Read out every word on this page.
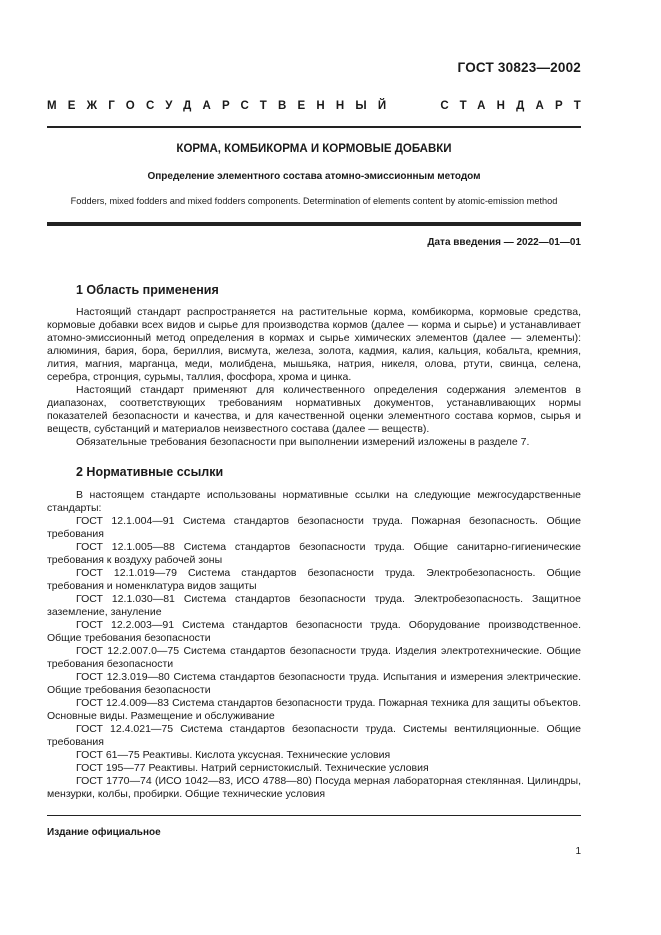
ГОСТ 30823—2002
МЕЖГОСУДАРСТВЕННЫЙ	СТАНДАРТ
КОРМА, КОМБИКОРМА И КОРМОВЫЕ ДОБАВКИ
Определение элементного состава атомно-эмиссионным методом
Fodders, mixed fodders and mixed fodders components. Determination of elements content by atomic-emission method
Дата введения — 2022—01—01
1 Область применения

Настоящий стандарт распространяется на растительные корма, комбикорма, кормовые средства, кормовые добавки всех видов и сырье для производства кормов (далее — корма и сырье) и устанавливает атомно-эмиссионный метод определения в кормах и сырье химических элементов (далее — элементы): алюминия, бария, бора, бериллия, висмута, железа, золота, кадмия, калия, кальция, кобальта, кремния, лития, магния, марганца, меди, молибдена, мышьяка, натрия, никеля, олова, ртути, свинца, селена, серебра, стронция, сурьмы, таллия, фосфора, хрома и цинка.

Настоящий стандарт применяют для количественного определения содержания элементов в диапазонах, соответствующих требованиям нормативных документов, устанавливающих нормы показателей безопасности и качества, и для качественной оценки элементного состава кормов, сырья и веществ, субстанций и материалов неизвестного состава (далее — веществ).

Обязательные требования безопасности при выполнении измерений изложены в разделе 7.

2 Нормативные ссылки

В настоящем стандарте использованы нормативные ссылки на следующие межгосударственные стандарты:

ГОСТ 12.1.004—91 Система стандартов безопасности труда. Пожарная безопасность. Общие требования

ГОСТ 12.1.005—88 Система стандартов безопасности труда. Общие санитарно-гигиенические требования к воздуху рабочей зоны

ГОСТ 12.1.019—79 Система стандартов безопасности труда. Электробезопасность. Общие требования и номенклатура видов защиты

ГОСТ 12.1.030—81 Система стандартов безопасности труда. Электробезопасность. Защитное заземление, зануление

ГОСТ 12.2.003—91 Система стандартов безопасности труда. Оборудование производственное. Общие требования безопасности

ГОСТ 12.2.007.0—75 Система стандартов безопасности труда. Изделия электротехнические. Общие требования безопасности

ГОСТ 12.3.019—80 Система стандартов безопасности труда. Испытания и измерения электрические. Общие требования безопасности

ГОСТ 12.4.009—83 Система стандартов безопасности труда. Пожарная техника для защиты объектов. Основные виды. Размещение и обслуживание

ГОСТ 12.4.021—75 Система стандартов безопасности труда. Системы вентиляционные. Общие требования

ГОСТ 61—75 Реактивы. Кислота уксусная. Технические условия

ГОСТ 195—77 Реактивы. Натрий сернистокислый. Технические условия

ГОСТ 1770—74 (ИСО 1042—83, ИСО 4788—80) Посуда мерная лабораторная стеклянная. Цилиндры, мензурки, колбы, пробирки. Общие технические условия

Издание официальное
1
